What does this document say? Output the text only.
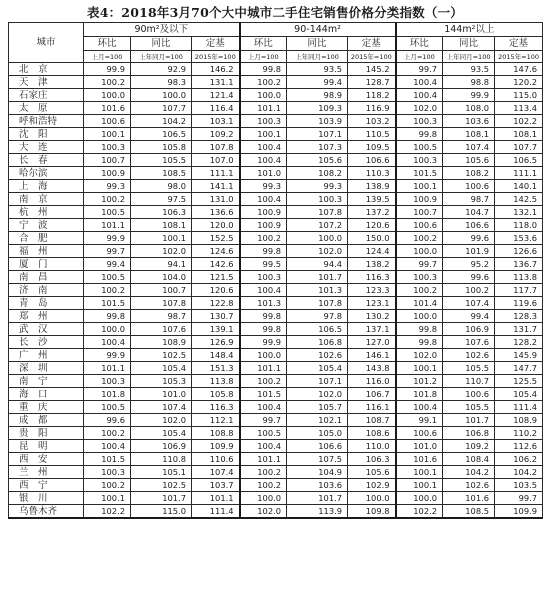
表4：2018年3月70个大中城市二手住宅销售价格分类指数（一）
城市	90m²及以下			90-144m²			144m²以上		
	环比	同比	定基	环比	同比	定基	环比	同比	定基
	上月=100	上年同月=100	2015年=100	上月=100	上年同月=100	2015年=100	上月=100	上年同月=100	2015年=100
北　京	99.9	92.9	146.2	99.8	93.5	145.2	99.7	93.5	147.6
天　津	100.2	98.3	131.1	100.2	99.4	128.7	100.4	98.8	120.2
石家庄	100.0	100.0	121.4	100.0	98.9	118.2	100.4	99.9	115.0
太　原	101.6	107.7	116.4	101.1	109.3	116.9	102.0	108.0	113.4
呼和浩特	100.6	104.2	103.1	100.3	103.9	103.2	100.3	103.6	102.2
沈　阳	100.1	106.5	109.2	100.1	107.1	110.5	99.8	108.1	108.1
大　连	100.3	105.8	107.8	100.4	107.3	109.5	100.5	107.4	107.7
长　春	100.7	105.5	107.0	100.4	105.6	106.6	100.3	105.6	106.5
哈尔滨	100.9	108.5	111.1	101.0	108.2	110.3	101.5	108.2	111.1
上　海	99.3	98.0	141.1	99.3	99.3	138.9	100.1	100.6	140.1
南　京	100.2	97.5	131.0	100.4	100.3	139.5	100.9	98.7	142.5
杭　州	100.5	106.3	136.6	100.9	107.8	137.2	100.7	104.7	132.1
宁　波	101.1	108.1	120.0	100.9	107.2	120.6	100.6	106.6	118.0
合　肥	99.9	100.1	152.5	100.2	100.0	150.0	100.2	99.6	153.6
福　州	99.7	102.0	124.6	99.8	102.0	124.4	100.0	101.9	126.6
厦　门	99.4	94.1	142.6	99.5	94.4	138.2	99.7	95.2	136.7
南　昌	100.5	104.0	121.5	100.3	101.7	116.3	100.3	99.6	113.8
济　南	100.2	100.7	120.6	100.4	101.3	123.3	100.2	100.2	117.7
青　岛	101.5	107.8	122.8	101.3	107.8	123.1	101.4	107.4	119.6
郑　州	99.8	98.7	130.7	99.8	97.8	130.2	100.0	99.4	128.3
武　汉	100.0	107.6	139.1	99.8	106.5	137.1	99.8	106.9	131.7
长　沙	100.4	108.9	126.9	99.9	106.8	127.0	99.8	107.6	128.2
广　州	99.9	102.5	148.4	100.0	102.6	146.1	102.0	102.6	145.9
深　圳	101.1	105.4	151.3	101.1	105.4	143.8	100.1	105.5	147.7
南　宁	100.3	105.3	113.8	100.2	107.1	116.0	101.2	110.7	125.5
海　口	101.8	101.0	105.8	101.5	102.0	106.7	101.8	100.6	105.4
重　庆	100.5	107.4	116.3	100.4	105.7	116.1	100.4	105.5	111.4
成　都	99.6	102.0	112.1	99.7	102.1	108.7	99.1	101.7	108.9
贵　阳	100.2	105.4	108.8	100.5	105.0	108.6	100.6	106.8	110.2
昆　明	100.4	106.9	109.9	100.4	106.6	110.0	101.0	109.2	112.6
西　安	101.5	110.8	110.6	101.1	107.5	106.3	101.6	108.4	106.2
兰　州	100.3	105.1	107.4	100.2	104.9	105.6	100.1	104.2	104.2
西　宁	100.2	102.5	103.7	100.2	103.6	102.9	100.1	102.6	103.5
银　川	100.1	101.7	101.1	100.0	101.7	100.0	100.0	101.6	99.7
乌鲁木齐	102.2	115.0	111.4	102.0	113.9	109.8	102.2	108.5	109.9
